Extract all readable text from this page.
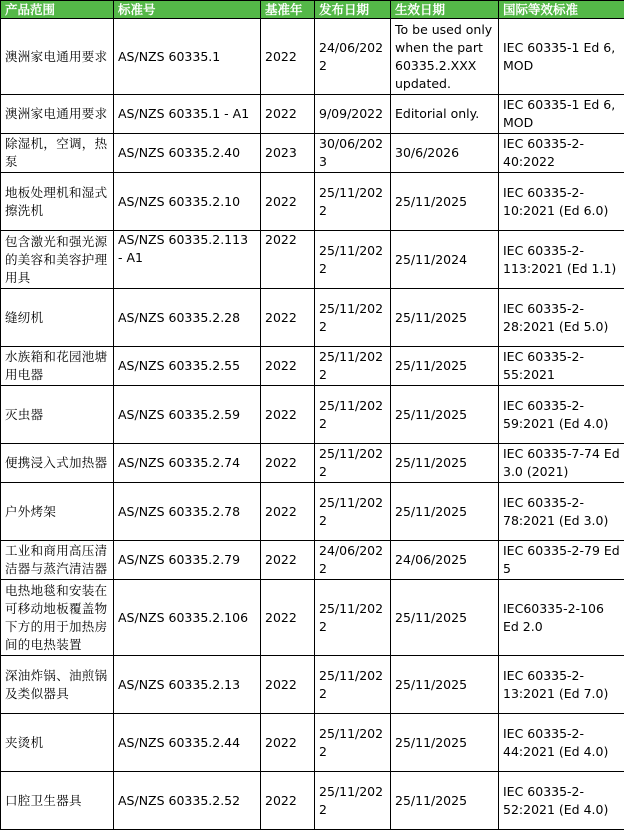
产品范围	标准号	基准年	发布日期	生效日期	国际等效标准
澳洲家电通用要求	AS/NZS 60335.1	2022	24/06/2022	To be used only when the part 60335.2.XXX updated.	IEC 60335-1 Ed 6, MOD
澳洲家电通用要求	AS/NZS 60335.1 - A1	2022	9/09/2022	Editorial only.	IEC 60335-1 Ed 6, MOD
除湿机，空调，热泵	AS/NZS 60335.2.40	2023	30/06/2023	30/6/2026	IEC 60335-2-40:2022
地板处理机和湿式擦洗机	AS/NZS 60335.2.10	2022	25/11/2022	25/11/2025	IEC 60335-2-10:2021 (Ed 6.0)
包含激光和强光源的美容和美容护理用具	AS/NZS 60335.2.113 - A1	2022	25/11/2022	25/11/2024	IEC 60335-2-113:2021 (Ed 1.1)
缝纫机	AS/NZS 60335.2.28	2022	25/11/2022	25/11/2025	IEC 60335-2-28:2021 (Ed 5.0)
水族箱和花园池塘用电器	AS/NZS 60335.2.55	2022	25/11/2022	25/11/2025	IEC 60335-2-55:2021
灭虫器	AS/NZS 60335.2.59	2022	25/11/2022	25/11/2025	IEC 60335-2-59:2021 (Ed 4.0)
便携浸入式加热器	AS/NZS 60335.2.74	2022	25/11/2022	25/11/2025	IEC 60335-7-74 Ed 3.0 (2021)
户外烤架	AS/NZS 60335.2.78	2022	25/11/2022	25/11/2025	IEC 60335-2-78:2021 (Ed 3.0)
工业和商用高压清洁器与蒸汽清洁器	AS/NZS 60335.2.79	2022	24/06/2022	24/06/2025	IEC 60335-2-79 Ed 5
电热地毯和安装在可移动地板覆盖物下方的用于加热房间的电热装置	AS/NZS 60335.2.106	2022	25/11/2022	25/11/2025	IEC60335-2-106 Ed 2.0
深油炸锅、油煎锅及类似器具	AS/NZS 60335.2.13	2022	25/11/2022	25/11/2025	IEC 60335-2-13:2021 (Ed 7.0)
夹烫机	AS/NZS 60335.2.44	2022	25/11/2022	25/11/2025	IEC 60335-2-44:2021 (Ed 4.0)
口腔卫生器具	AS/NZS 60335.2.52	2022	25/11/2022	25/11/2025	IEC 60335-2-52:2021 (Ed 4.0)
